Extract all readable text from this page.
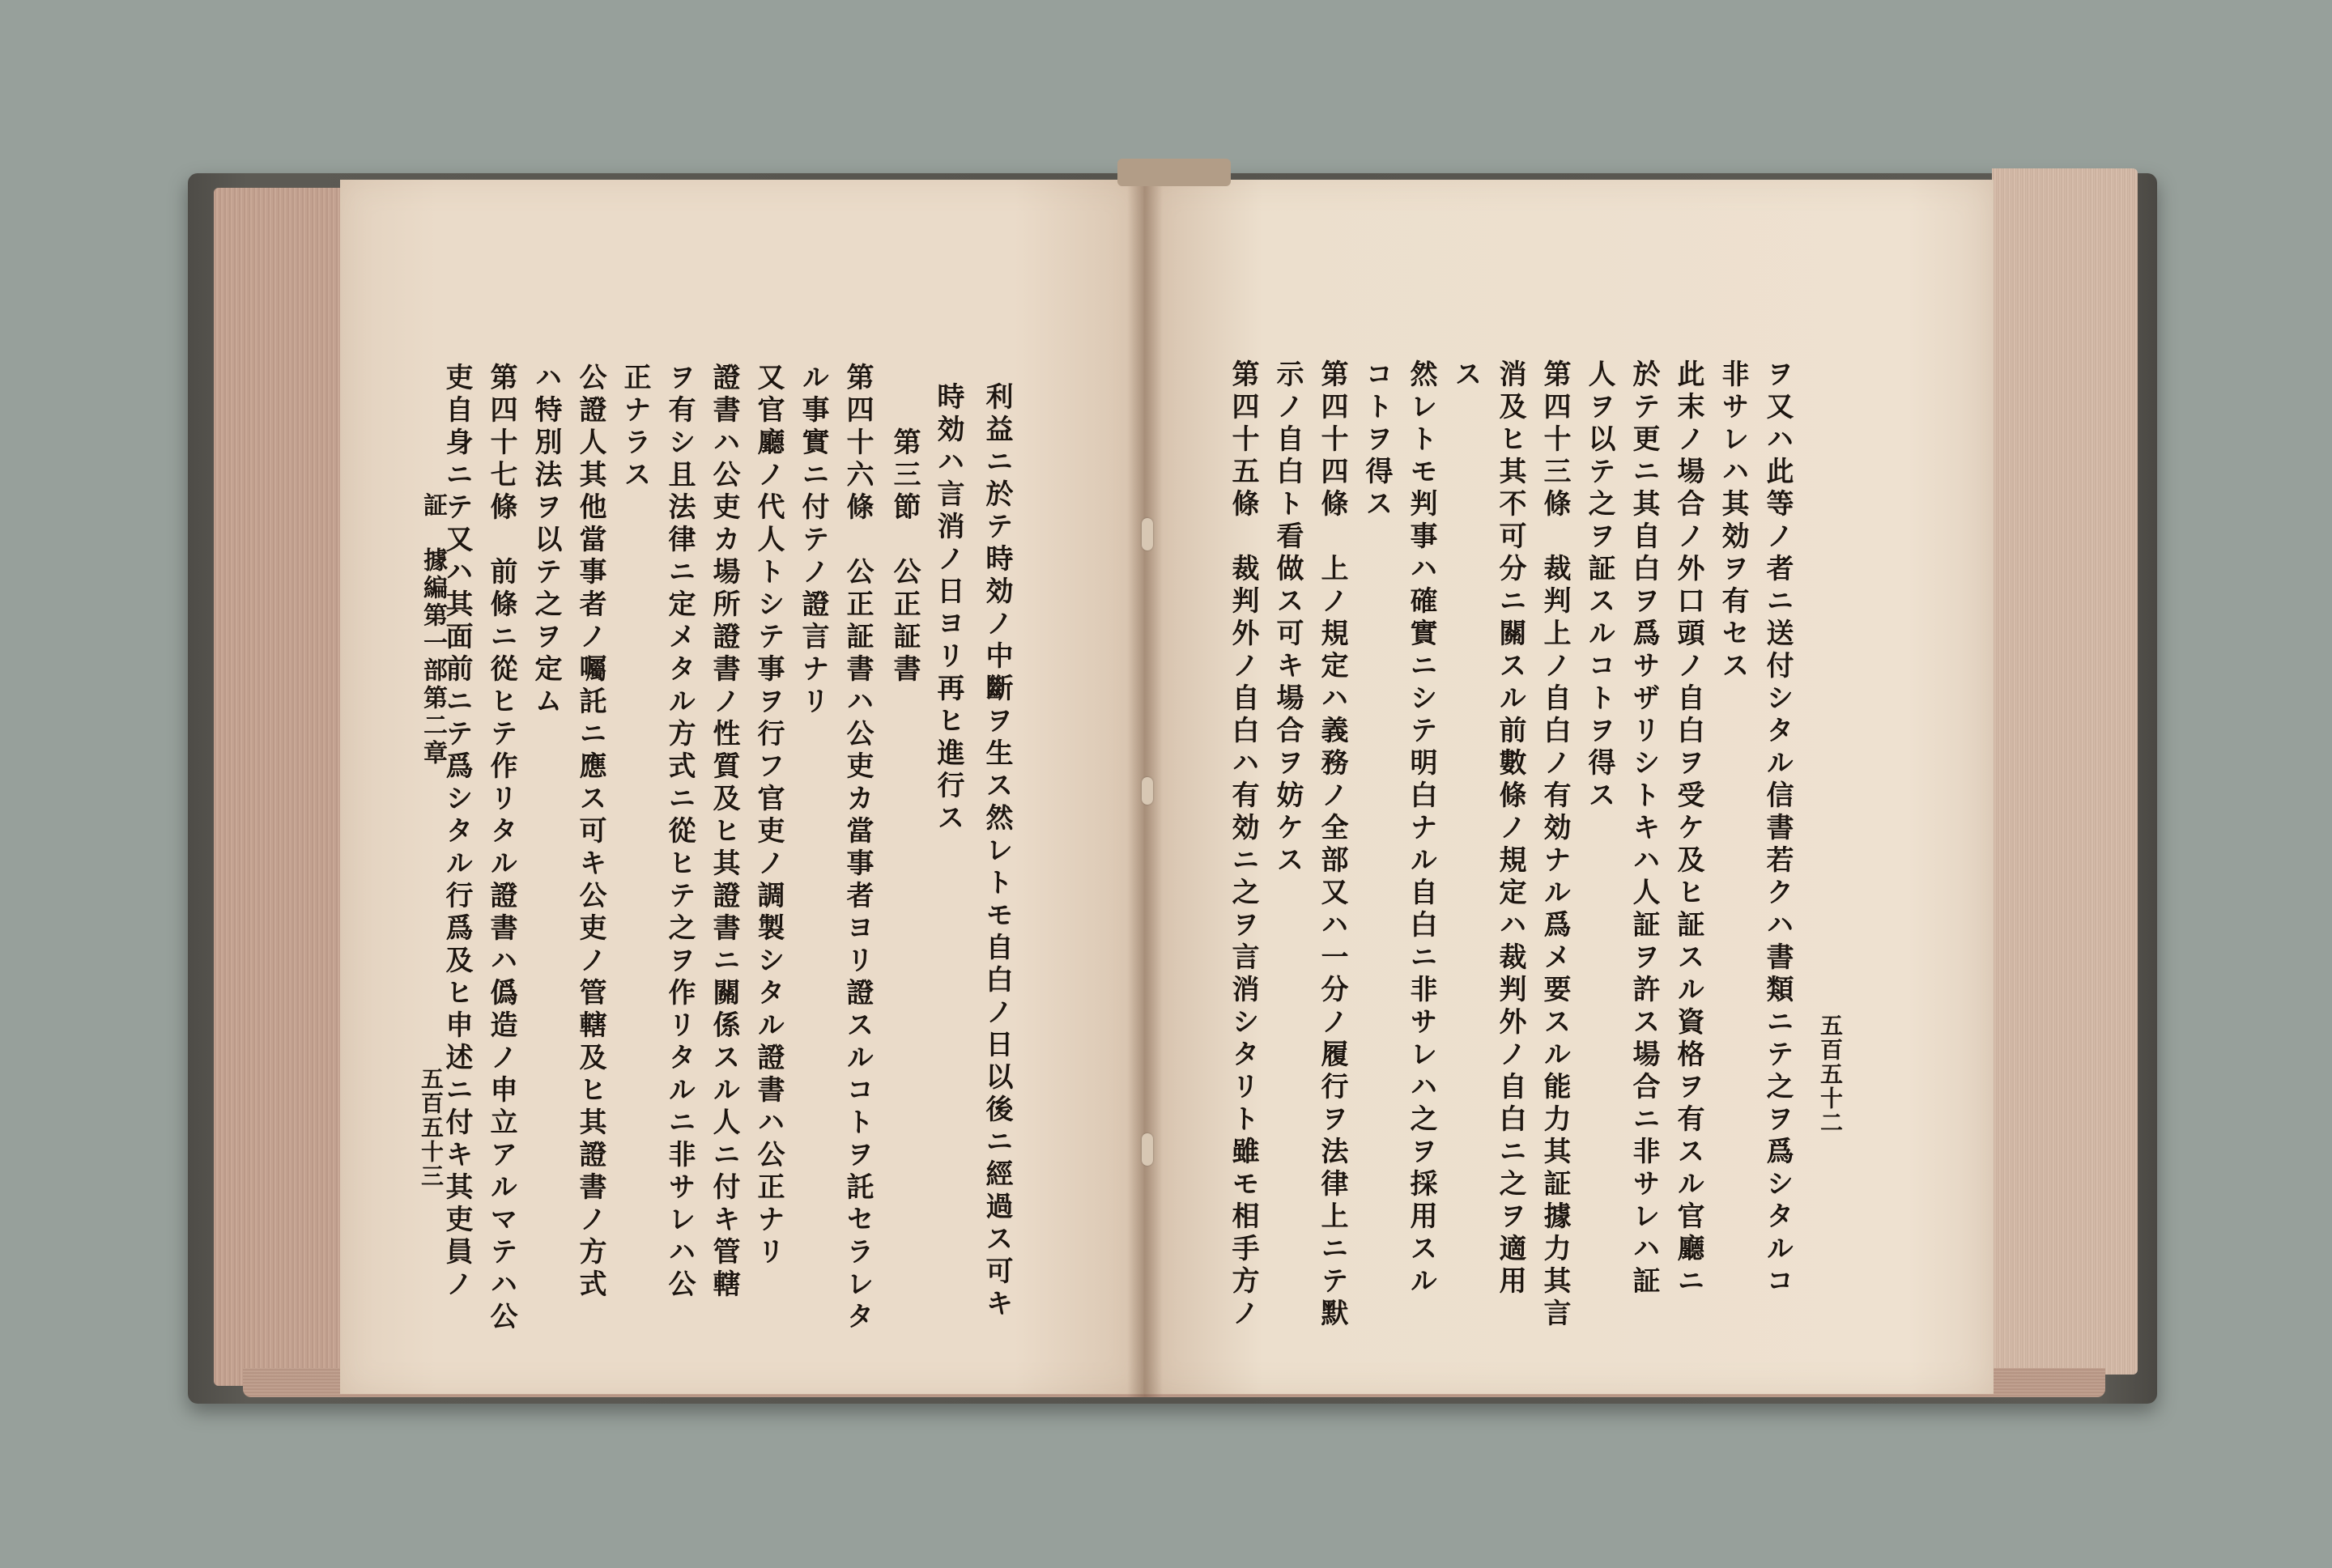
利益ニ於テ時効ノ中斷ヲ生ス然レトモ自白ノ日以後ニ經過ス可キ
時効ハ言消ノ日ヨリ再ヒ進行ス
第三節　公正証書
第四十六條　公正証書ハ公吏カ當事者ヨリ證スルコトヲ託セラレタ
ル事實ニ付テノ證言ナリ
又官廳ノ代人トシテ事ヲ行フ官吏ノ調製シタル證書ハ公正ナリ
證書ハ公吏カ場所證書ノ性質及ヒ其證書ニ關係スル人ニ付キ管轄
ヲ有シ且法律ニ定メタル方式ニ從ヒテ之ヲ作リタルニ非サレハ公
正ナラス
公證人其他當事者ノ囑託ニ應ス可キ公吏ノ管轄及ヒ其證書ノ方式
ハ特別法ヲ以テ之ヲ定ム
第四十七條　前條ニ從ヒテ作リタル證書ハ僞造ノ申立アルマテハ公
吏自身ニテ又ハ其面前ニテ爲シタル行爲及ヒ申述ニ付キ其吏員ノ
証　據編第一部第二章
五百五十三	五百五十二
ヲ又ハ此等ノ者ニ送付シタル信書若クハ書類ニテ之ヲ爲シタルコ
非サレハ其効ヲ有セス
此末ノ場合ノ外口頭ノ自白ヲ受ケ及ヒ証スル資格ヲ有スル官廳ニ
於テ更ニ其自白ヲ爲サザリシトキハ人証ヲ許ス場合ニ非サレハ証
人ヲ以テ之ヲ証スルコトヲ得ス
第四十三條　裁判上ノ自白ノ有効ナル爲メ要スル能力其証據力其言
消及ヒ其不可分ニ關スル前數條ノ規定ハ裁判外ノ自白ニ之ヲ適用
ス
然レトモ判事ハ確實ニシテ明白ナル自白ニ非サレハ之ヲ採用スル
コトヲ得ス
第四十四條　上ノ規定ハ義務ノ全部又ハ一分ノ履行ヲ法律上ニテ默
示ノ自白ト看做ス可キ場合ヲ妨ケス
第四十五條　裁判外ノ自白ハ有効ニ之ヲ言消シタリト雖モ相手方ノ
